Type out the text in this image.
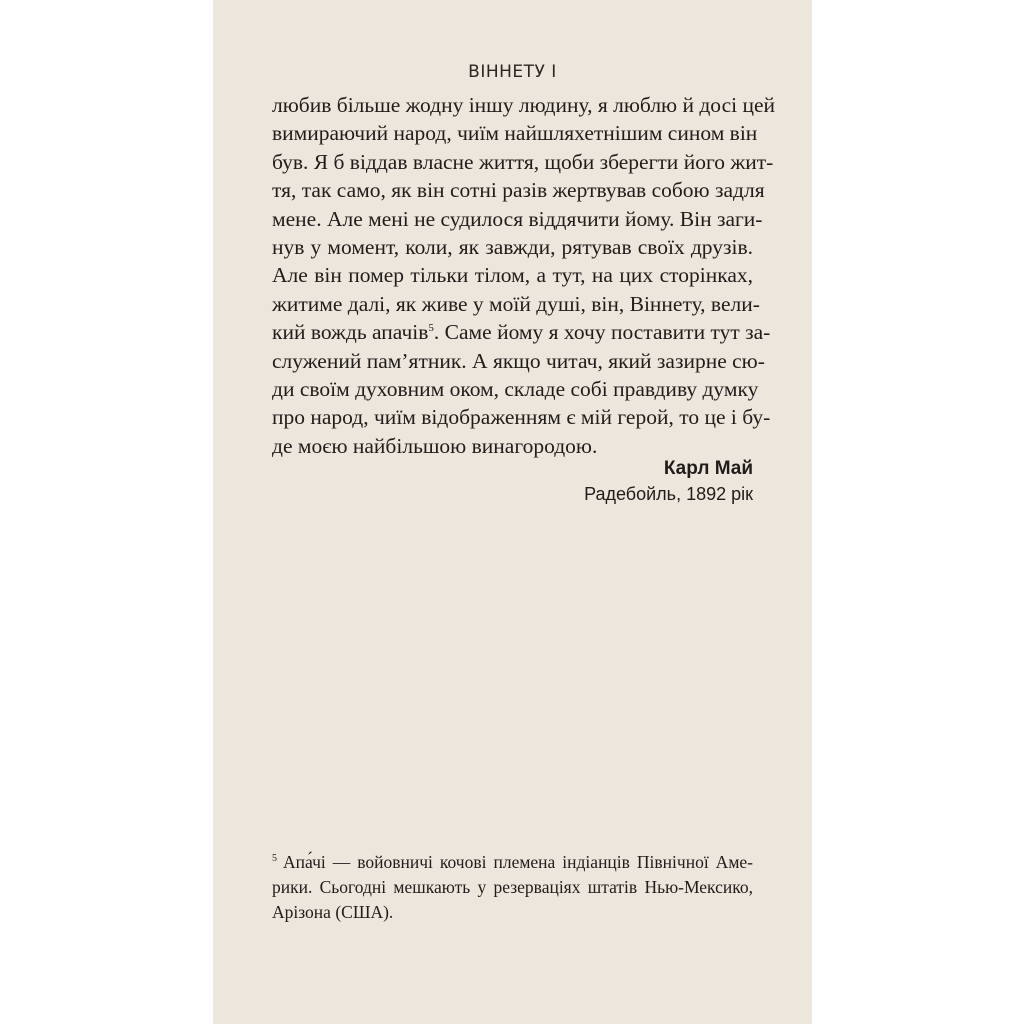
ВІННЕТУ І
любив більше жодну іншу людину, я люблю й досі цей
вимираючий народ, чиїм найшляхетнішим сином він
був. Я б віддав власне життя, щоби зберегти його жит-
тя, так само, як він сотні разів жертвував собою задля
мене. Але мені не судилося віддячити йому. Він заги-
нув у момент, коли, як завжди, рятував своїх друзів.
Але він помер тільки тілом, а тут, на цих сторінках,
житиме далі, як живе у моїй душі, він, Віннету, вели-
кий вождь апачів$^5$. Саме йому я хочу поставити тут за-
служений пам’ятник. А якщо читач, який зазирне сю-
ди своїм духовним оком, складе собі правдиву думку
про народ, чиїм відображенням є мій герой, то це і бу-
де моєю найбільшою винагородою.
Карл Май
Радебойль, 1892 рік
$^5$ Апа́чі — войовничі кочові племена індіанців Північної Аме-
рики. Сьогодні мешкають у резерваціях штатів Нью-Мексико,
Арізона (США).
